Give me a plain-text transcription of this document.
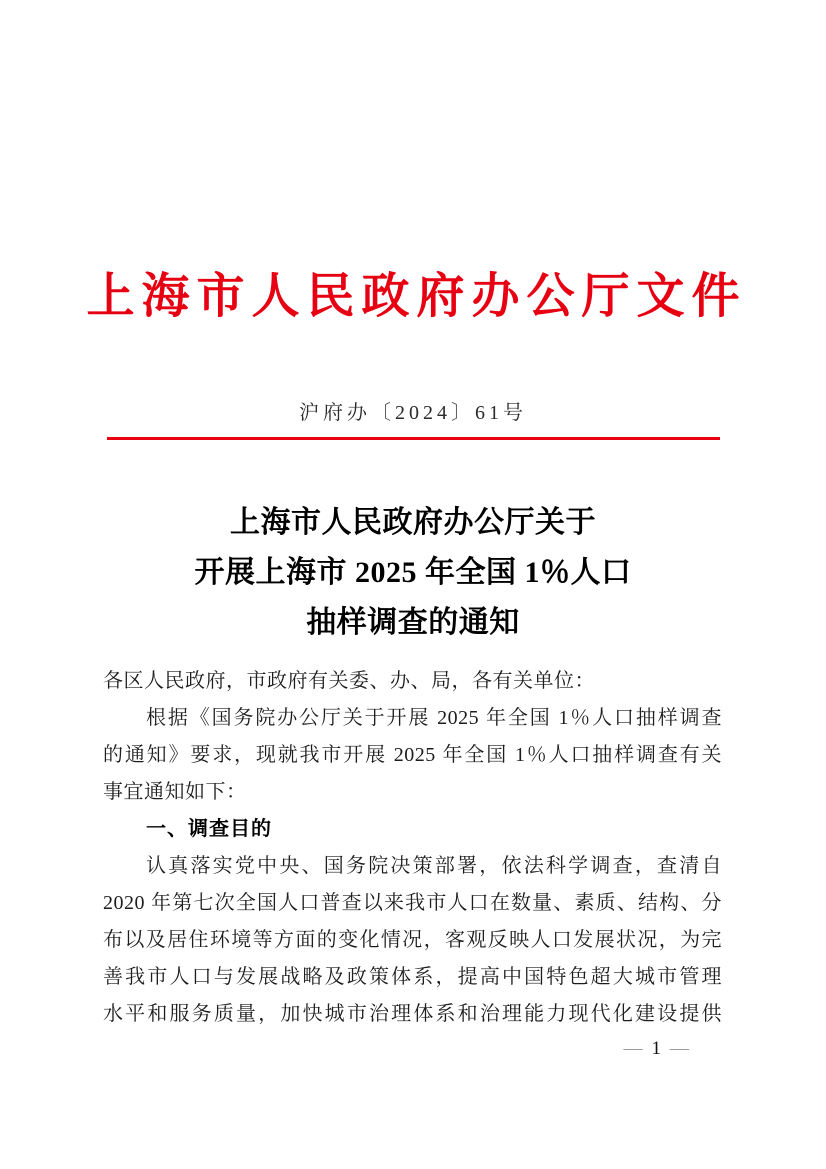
上海市人民政府办公厅文件
沪府办〔2024〕61号
上海市人民政府办公厅关于
开展上海市 2025 年全国 1％人口
抽样调查的通知
各区人民政府，市政府有关委、办、局，各有关单位：
根据《国务院办公厅关于开展 2025 年全国 1％人口抽样调查
的通知》要求，现就我市开展 2025 年全国 1％人口抽样调查有关
事宜通知如下：
一、调查目的
认真落实党中央、国务院决策部署，依法科学调查，查清自
2020 年第七次全国人口普查以来我市人口在数量、素质、结构、分
布以及居住环境等方面的变化情况，客观反映人口发展状况，为完
善我市人口与发展战略及政策体系，提高中国特色超大城市管理
水平和服务质量，加快城市治理体系和治理能力现代化建设提供
— 1 —
